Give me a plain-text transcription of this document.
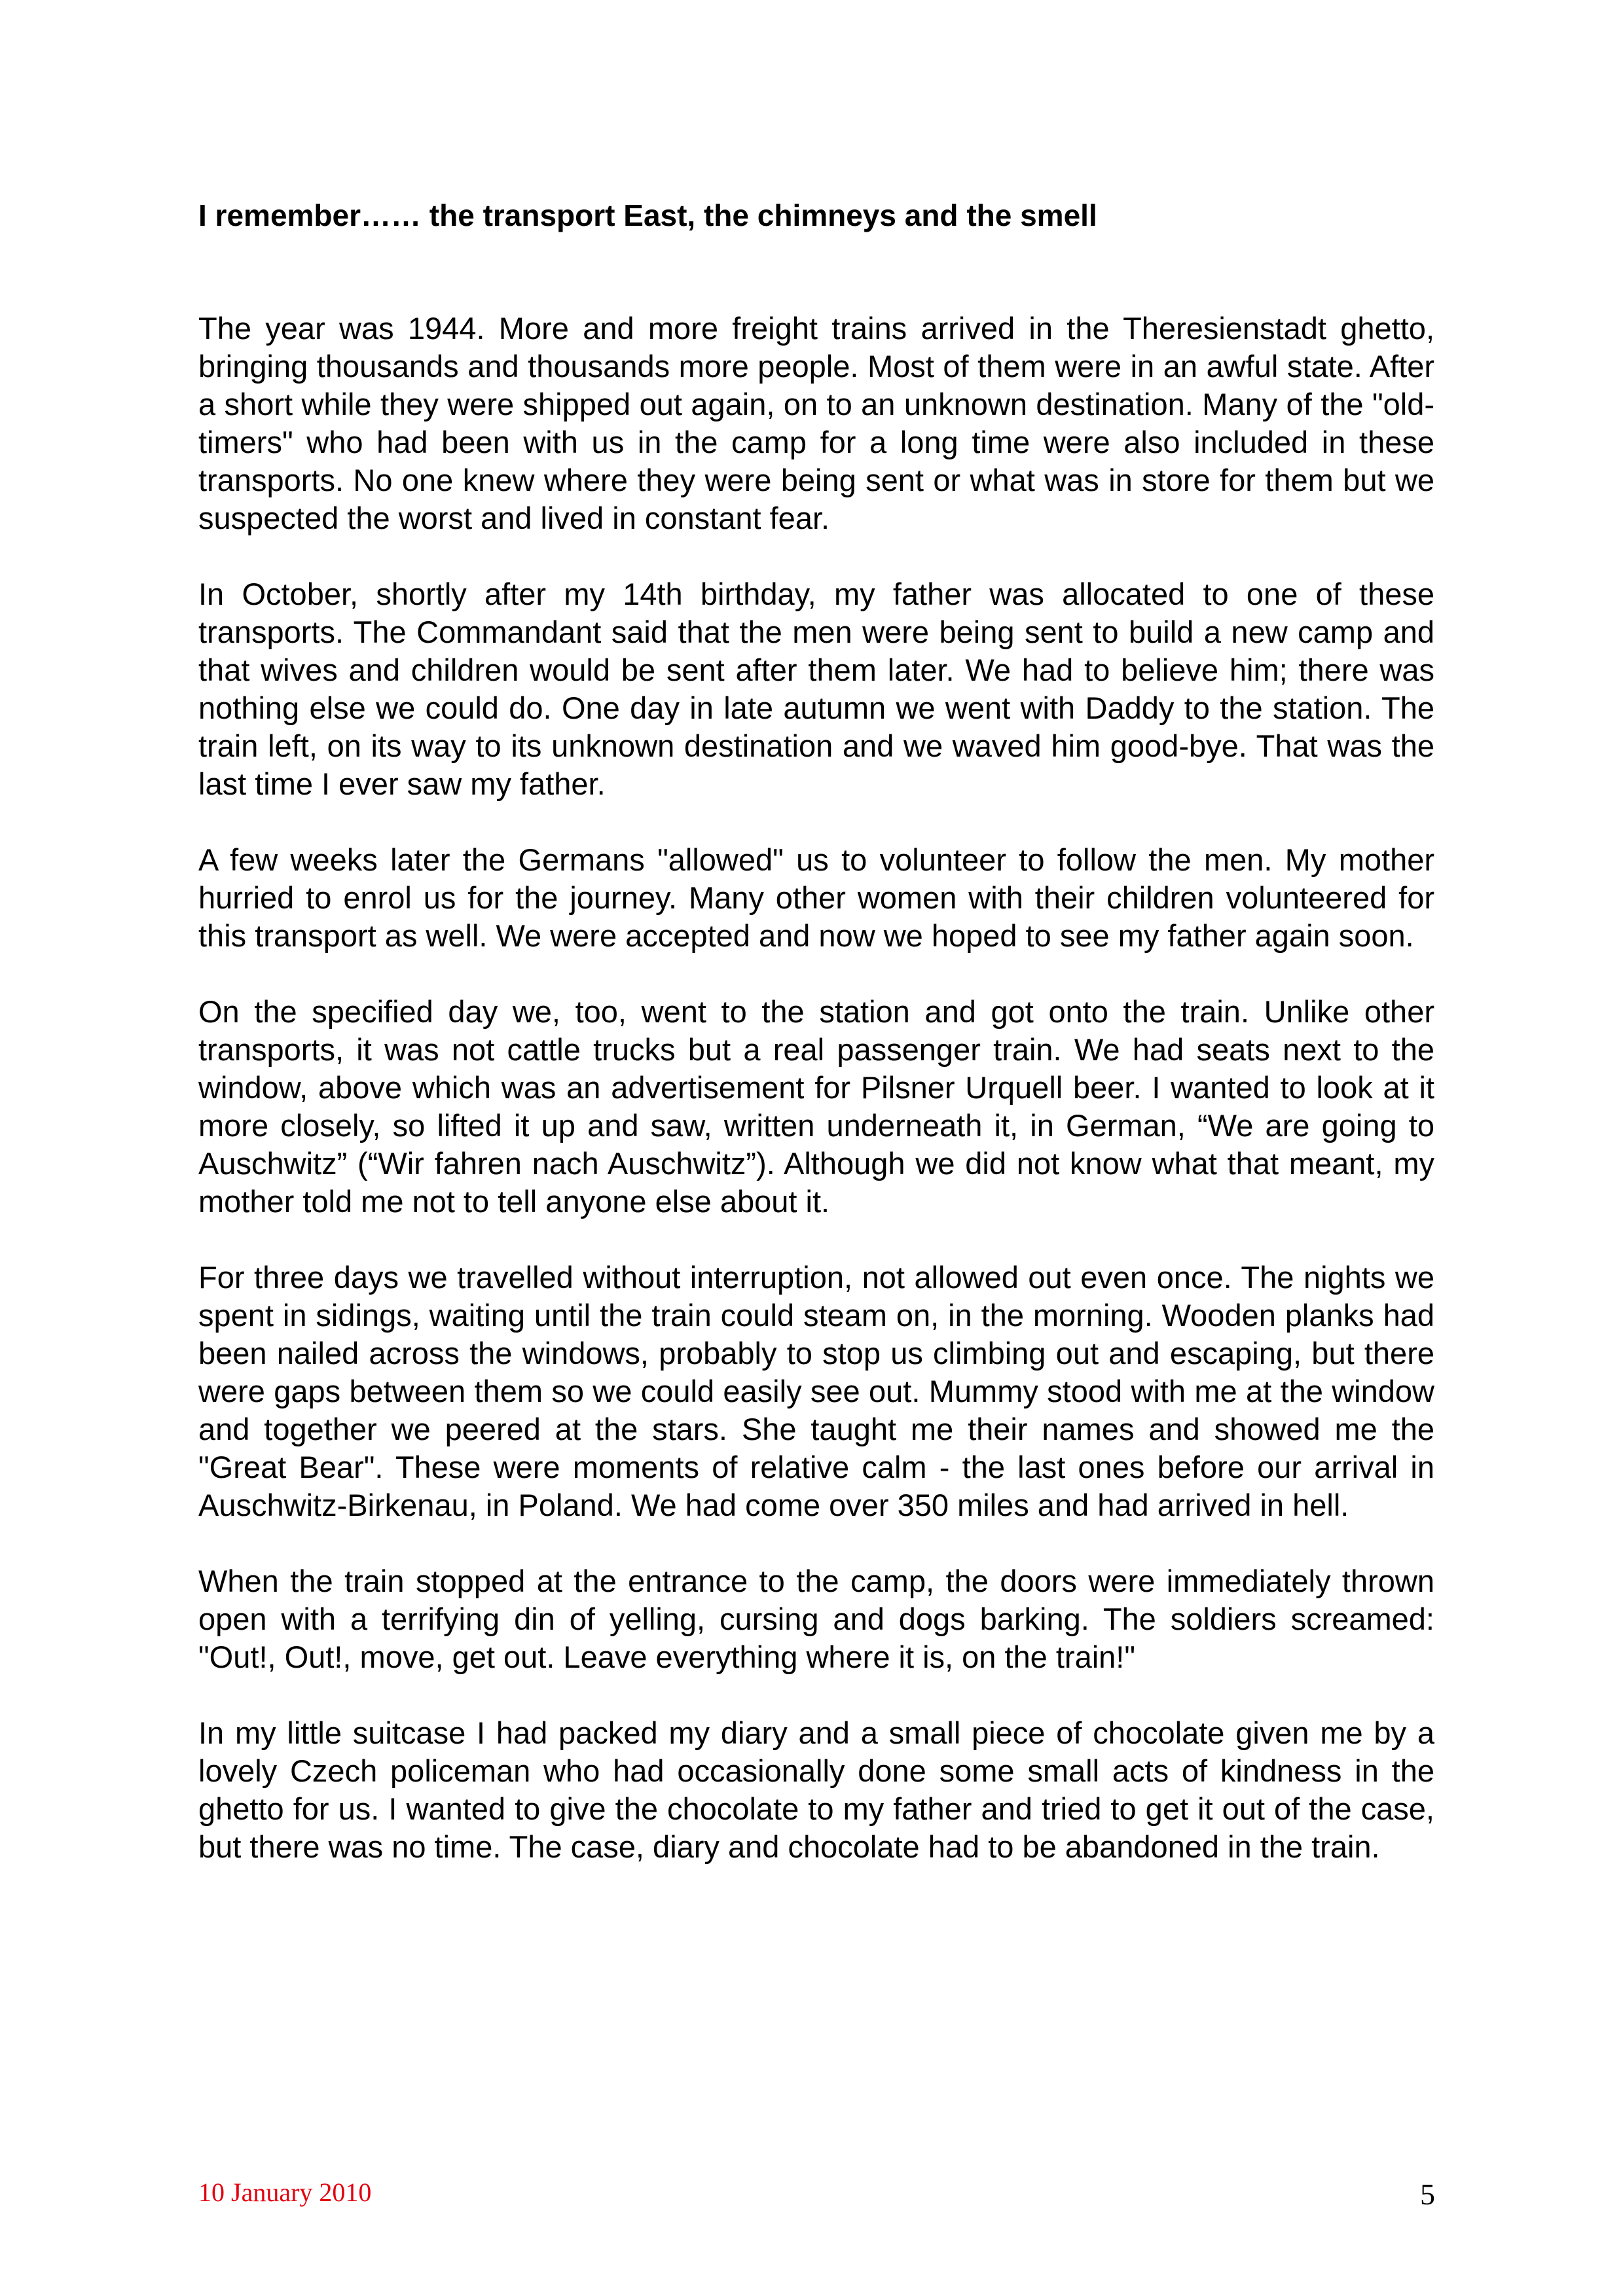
I remember…… the transport East, the chimneys and the smell

The year was 1944. More and more freight trains arrived in the Theresienstadt ghetto, bringing thousands and thousands more people. Most of them were in an awful state. After a short while they were shipped out again, on to an unknown destination. Many of the "old-timers" who had been with us in the camp for a long time were also included in these transports. No one knew where they were being sent or what was in store for them but we suspected the worst and lived in constant fear.

In October, shortly after my 14th birthday, my father was allocated to one of these transports. The Commandant said that the men were being sent to build a new camp and that wives and children would be sent after them later. We had to believe him; there was nothing else we could do. One day in late autumn we went with Daddy to the station. The train left, on its way to its unknown destination and we waved him good-bye. That was the last time I ever saw my father.

A few weeks later the Germans "allowed" us to volunteer to follow the men. My mother hurried to enrol us for the journey. Many other women with their children volunteered for this transport as well. We were accepted and now we hoped to see my father again soon.

On the specified day we, too, went to the station and got onto the train. Unlike other transports, it was not cattle trucks but a real passenger train. We had seats next to the window, above which was an advertisement for Pilsner Urquell beer. I wanted to look at it more closely, so lifted it up and saw, written underneath it, in German, “We are going to Auschwitz” (“Wir fahren nach Auschwitz”). Although we did not know what that meant, my mother told me not to tell anyone else about it.

For three days we travelled without interruption, not allowed out even once. The nights we spent in sidings, waiting until the train could steam on, in the morning. Wooden planks had been nailed across the windows, probably to stop us climbing out and escaping, but there were gaps between them so we could easily see out. Mummy stood with me at the window and together we peered at the stars. She taught me their names and showed me the "Great Bear". These were moments of relative calm - the last ones before our arrival in Auschwitz-Birkenau, in Poland. We had come over 350 miles and had arrived in hell.

When the train stopped at the entrance to the camp, the doors were immediately thrown open with a terrifying din of yelling, cursing and dogs barking. The soldiers screamed: "Out!, Out!, move, get out. Leave everything where it is, on the train!"

In my little suitcase I had packed my diary and a small piece of chocolate given me by a lovely Czech policeman who had occasionally done some small acts of kindness in the ghetto for us. I wanted to give the chocolate to my father and tried to get it out of the case, but there was no time. The case, diary and chocolate had to be abandoned in the train.

10 January 2010	5
